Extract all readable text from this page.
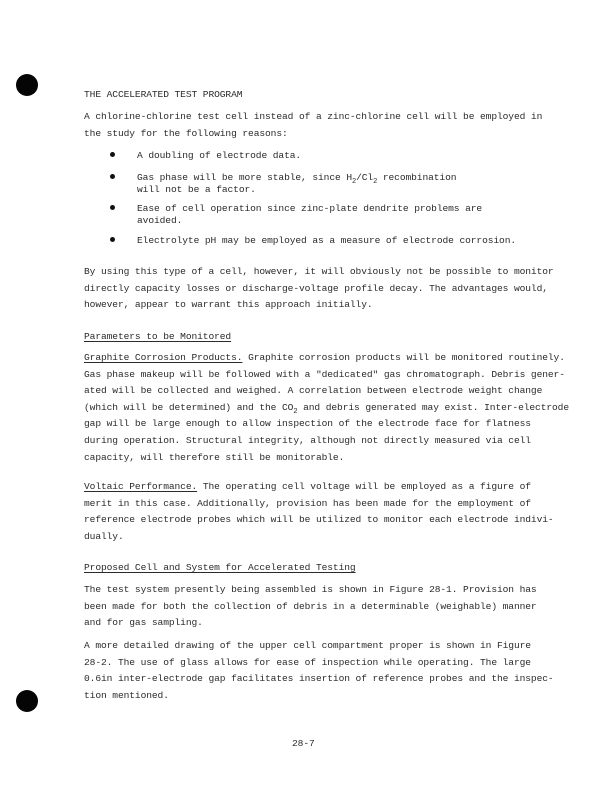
THE ACCELERATED TEST PROGRAM
A chlorine-chlorine test cell instead of a zinc-chlorine cell will be employed in
the study for the following reasons:
A doubling of electrode data.
Gas phase will be more stable, since $H_2/Cl_2$ recombination
will not be a factor.
Ease of cell operation since zinc-plate dendrite problems are
avoided.
Electrolyte pH may be employed as a measure of electrode corrosion.
By using this type of a cell, however, it will obviously not be possible to monitor
directly capacity losses or discharge-voltage profile decay. The advantages would,
however, appear to warrant this approach initially.
Parameters to be Monitored
Graphite Corrosion Products. Graphite corrosion products will be monitored routinely.
Gas phase makeup will be followed with a "dedicated" gas chromatograph. Debris gener-
ated will be collected and weighed. A correlation between electrode weight change
(which will be determined) and the $CO_2$ and debris generated may exist. Inter-electrode
gap will be large enough to allow inspection of the electrode face for flatness
during operation. Structural integrity, although not directly measured via cell
capacity, will therefore still be monitorable.
Voltaic Performance. The operating cell voltage will be employed as a figure of
merit in this case. Additionally, provision has been made for the employment of
reference electrode probes which will be utilized to monitor each electrode indivi-
dually.
Proposed Cell and System for Accelerated Testing
The test system presently being assembled is shown in Figure 28-1. Provision has
been made for both the collection of debris in a determinable (weighable) manner
and for gas sampling.
A more detailed drawing of the upper cell compartment proper is shown in Figure
28-2. The use of glass allows for ease of inspection while operating. The large
0.6in inter-electrode gap facilitates insertion of reference probes and the inspec-
tion mentioned.
28-7
